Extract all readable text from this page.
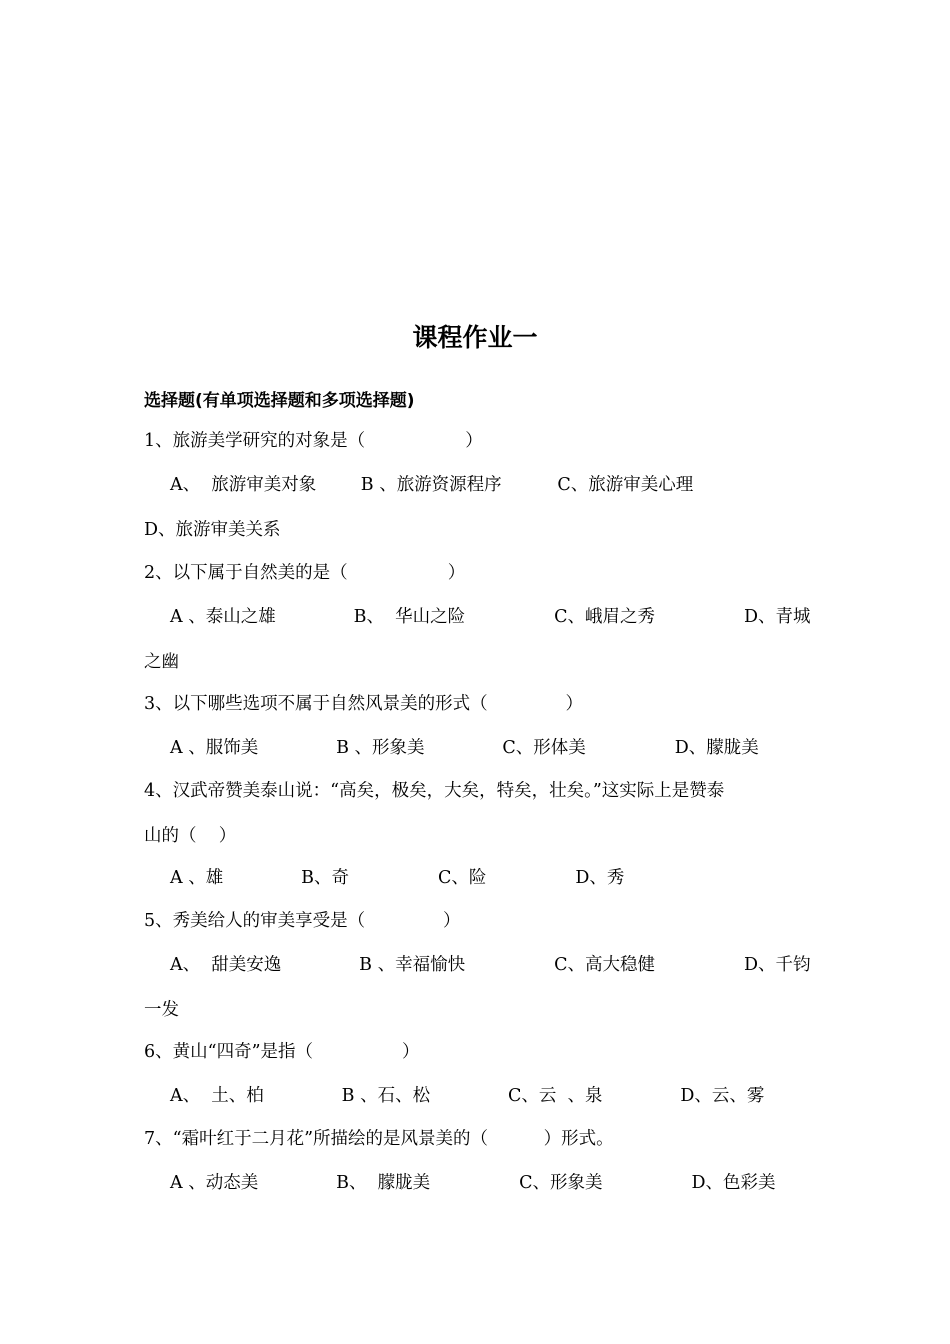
课程作业一
选择题(有单项选择题和多项选择题)
1、旅游美学研究的对象是（                  ）
A、  旅游审美对象        B 、旅游资源程序          C、旅游审美心理
D、旅游审美关系
2、以下属于自然美的是（                  ）
A 、泰山之雄              B、  华山之险                C、峨眉之秀                D、青城
之幽
3、以下哪些选项不属于自然风景美的形式（              ）
A 、服饰美              B 、形象美              C、形体美                D、朦胧美
4、汉武帝赞美泰山说：“高矣，极矣，大矣，特矣，壮矣。”这实际上是赞泰
山的（    ）
A 、雄              B、奇                C、险                D、秀
5、秀美给人的审美享受是（              ）
A、  甜美安逸              B 、幸福愉快                C、高大稳健                D、千钧
一发
6、黄山“四奇”是指（                ）
A、  土、柏              B 、石、松              C、云  、泉              D、云、雾
7、“霜叶红于二月花”所描绘的是风景美的（          ）形式。
A 、动态美              B、  朦胧美                C、形象美                D、色彩美
